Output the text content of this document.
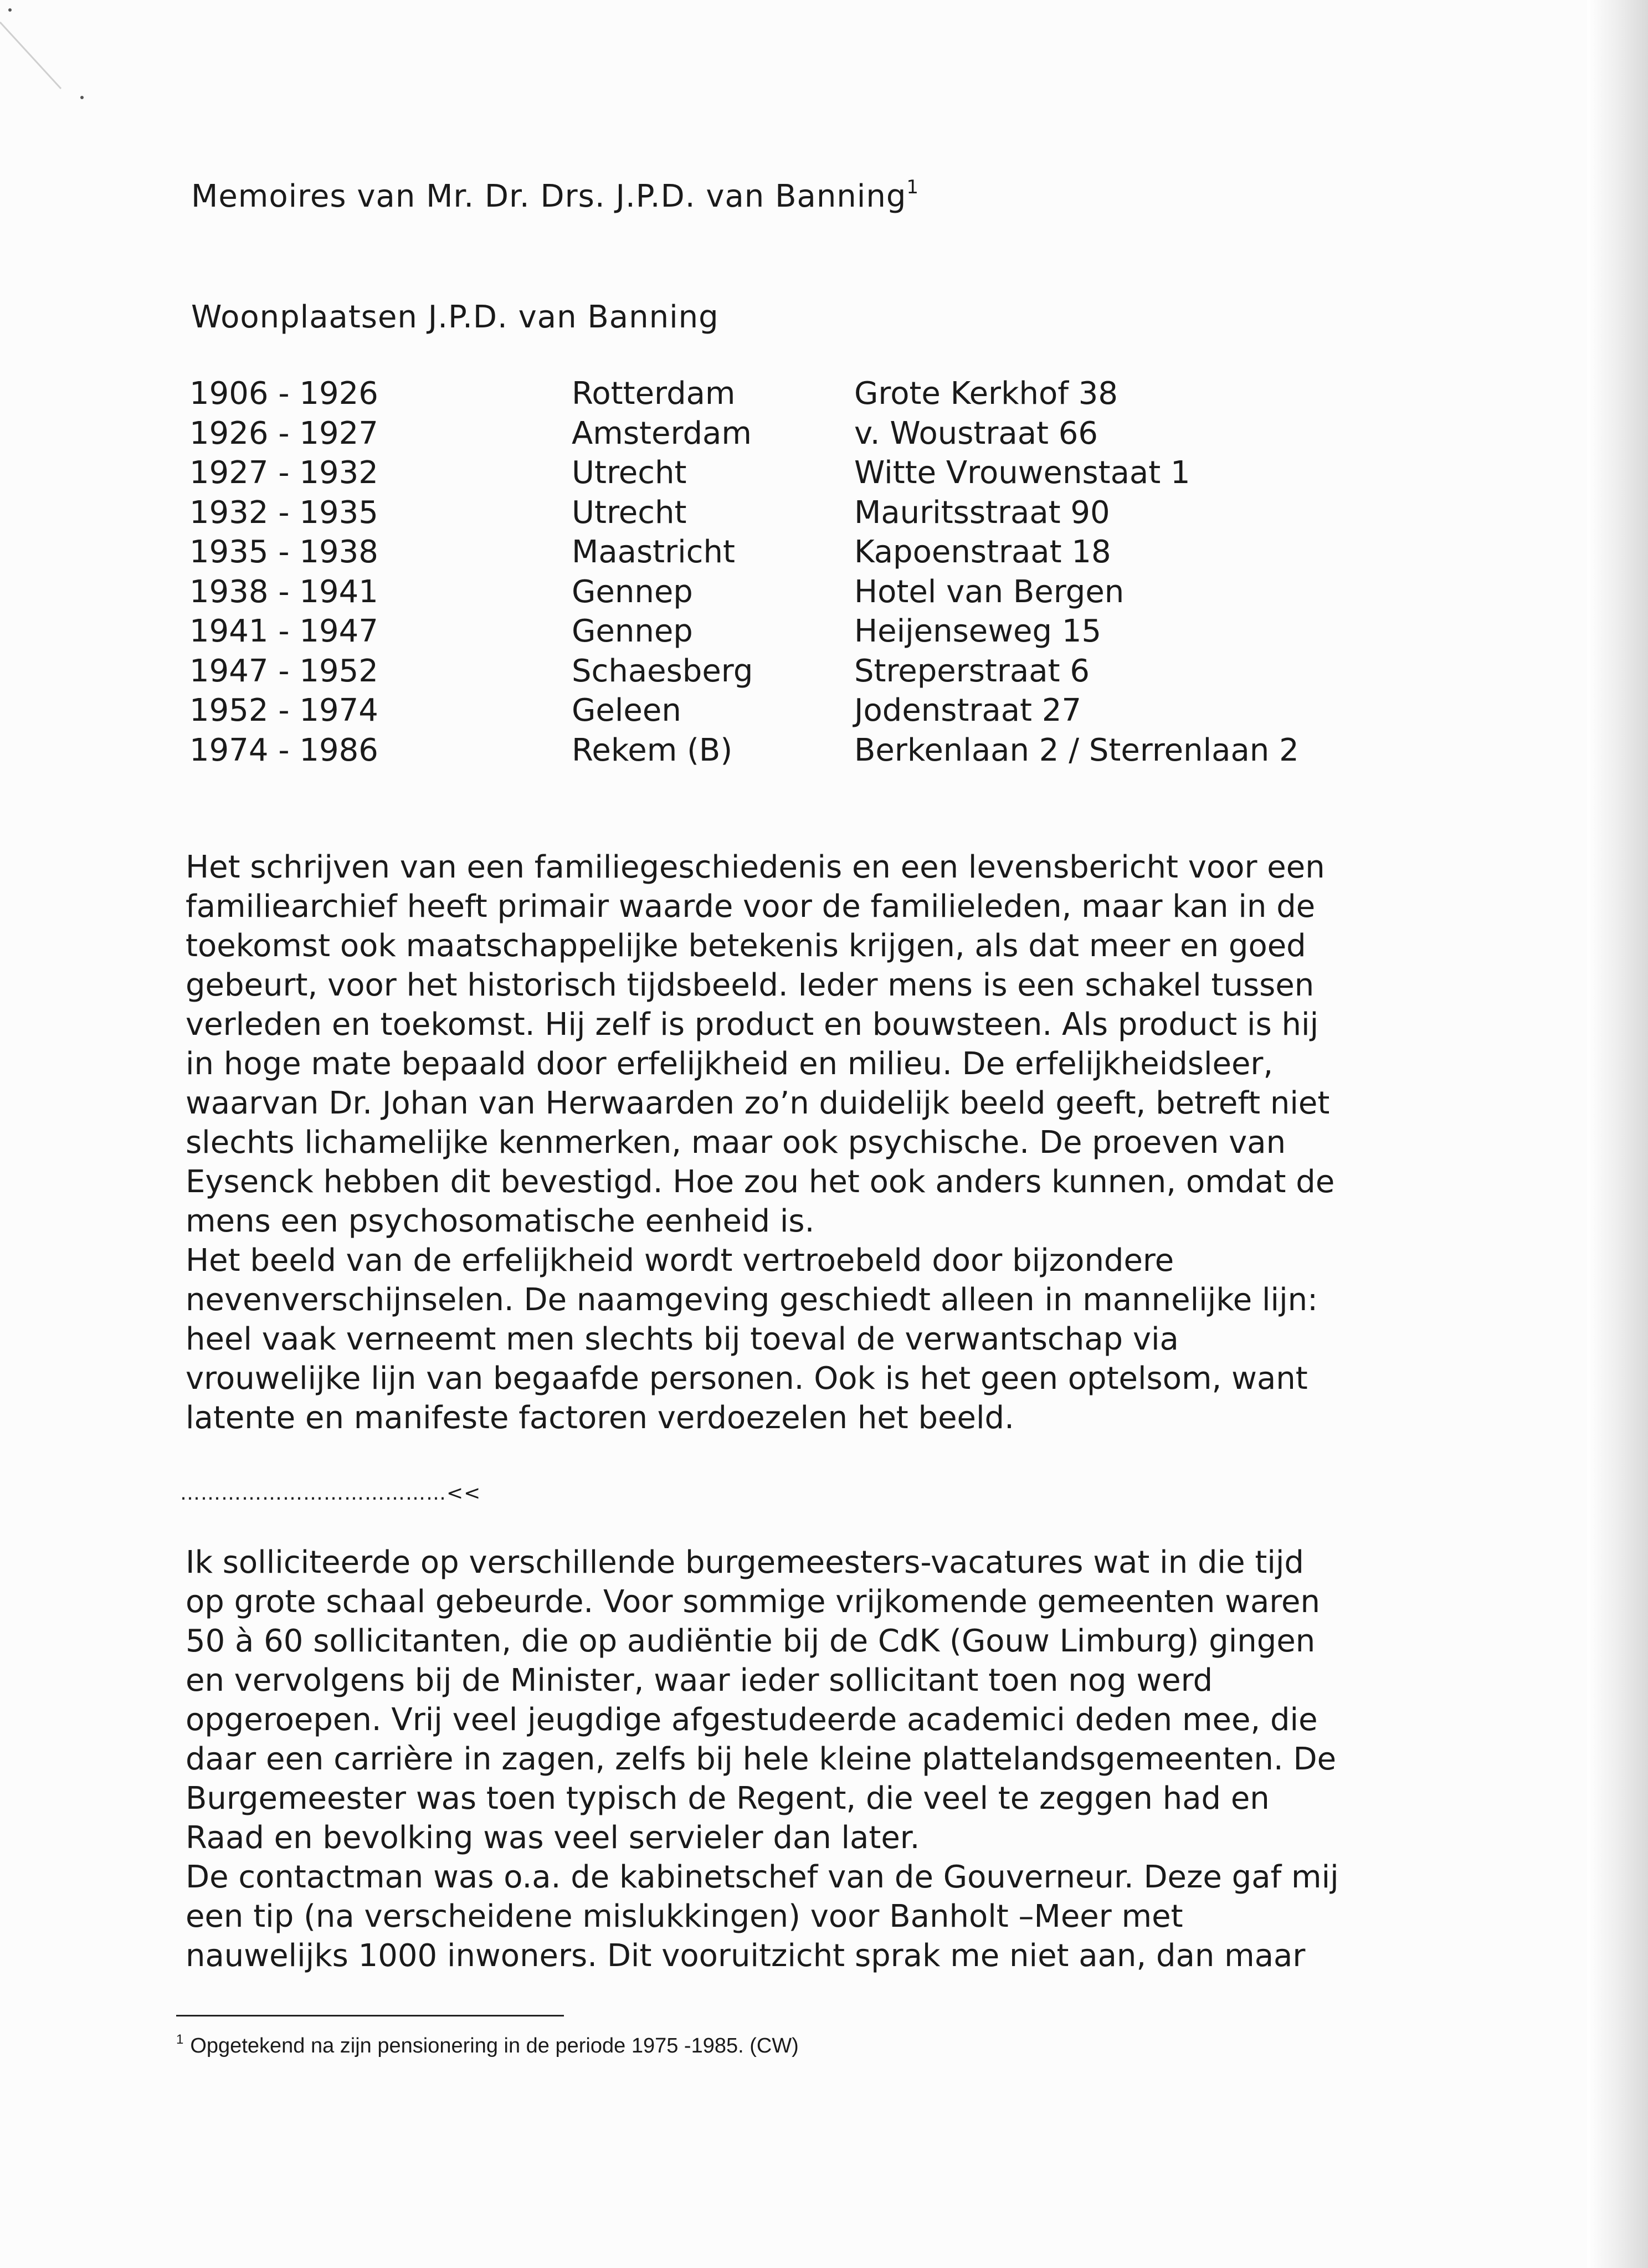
Memoires van Mr. Dr. Drs. J.P.D. van Banning$^1$
Woonplaatsen J.P.D. van Banning
1906 - 1926	Rotterdam	Grote Kerkhof 38
1926 - 1927	Amsterdam	v. Woustraat 66
1927 - 1932	Utrecht	Witte Vrouwenstaat 1
1932 - 1935	Utrecht	Mauritsstraat 90
1935 - 1938	Maastricht	Kapoenstraat 18
1938 - 1941	Gennep	Hotel van Bergen
1941 - 1947	Gennep	Heijenseweg 15
1947 - 1952	Schaesberg	Streperstraat 6
1952 - 1974	Geleen	Jodenstraat 27
1974 - 1986	Rekem (B)	Berkenlaan 2 / Sterrenlaan 2
Het schrijven van een familiegeschiedenis en een levensbericht voor een
familiearchief heeft primair waarde voor de familieleden, maar kan in de
toekomst ook maatschappelijke betekenis krijgen, als dat meer en goed
gebeurt, voor het historisch tijdsbeeld. Ieder mens is een schakel tussen
verleden en toekomst. Hij zelf is product en bouwsteen. Als product is hij
in hoge mate bepaald door erfelijkheid en milieu. De erfelijkheidsleer,
waarvan Dr. Johan van Herwaarden zo’n duidelijk beeld geeft, betreft niet
slechts lichamelijke kenmerken, maar ook psychische. De proeven van
Eysenck hebben dit bevestigd. Hoe zou het ook anders kunnen, omdat de
mens een psychosomatische eenheid is.
Het beeld van de erfelijkheid wordt vertroebeld door bijzondere
nevenverschijnselen. De naamgeving geschiedt alleen in mannelijke lijn:
heel vaak verneemt men slechts bij toeval de verwantschap via
vrouwelijke lijn van begaafde personen. Ook is het geen optelsom, want
latente en manifeste factoren verdoezelen het beeld.
…………………………………<<
Ik solliciteerde op verschillende burgemeesters-vacatures wat in die tijd
op grote schaal gebeurde. Voor sommige vrijkomende gemeenten waren
50 à 60 sollicitanten, die op audiëntie bij de CdK (Gouw Limburg) gingen
en vervolgens bij de Minister, waar ieder sollicitant toen nog werd
opgeroepen. Vrij veel jeugdige afgestudeerde academici deden mee, die
daar een carrière in zagen, zelfs bij hele kleine plattelandsgemeenten. De
Burgemeester was toen typisch de Regent, die veel te zeggen had en
Raad en bevolking was veel servieler dan later.
De contactman was o.a. de kabinetschef van de Gouverneur. Deze gaf mij
een tip (na verscheidene mislukkingen) voor Banholt –Meer met
nauwelijks 1000 inwoners. Dit vooruitzicht sprak me niet aan, dan maar
$^1$ Opgetekend na zijn pensionering in de periode 1975 -1985. (CW)
